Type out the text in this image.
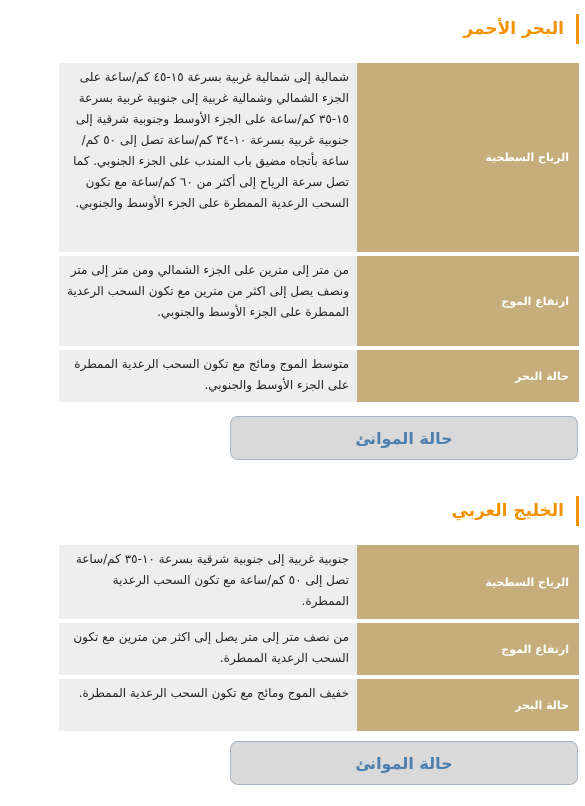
البحر الأحمر
الرياح السطحية
شمالية إلى شمالية غربية بسرعة ١٥-٤٥ كم/ساعة على الجزء الشمالي وشمالية غربية إلى جنوبية غربية بسرعة ١٥-٣٥ كم/ساعة على الجزء الأوسط وجنوبية شرقية إلى جنوبية غربية بسرعة ١٠-٣٤ كم/ساعة تصل إلى ٥٠ كم/ساعة بأتجاه مضيق باب المندب على الجزء الجنوبي. كما تصل سرعة الرياح إلى أكثر من ٦٠ كم/ساعة مع تكون السحب الرعدية الممطرة على الجزء الأوسط والجنوبي.
ارتفاع الموج
من متر إلى مترين على الجزء الشمالي ومن متر إلى متر ونصف يصل إلى اكثر من مترين مع تكون السحب الرعدية الممطرة على الجزء الأوسط والجنوبي.
حالة البحر
متوسط الموج ومائج مع تكون السحب الرعدية الممطرة على الجزء الأوسط والجنوبي.
حالة الموانئ
الخليج العربي
الرياح السطحية
جنوبية غربية إلى جنوبية شرقية بسرعة ١٠-٣٥ كم/ساعة تصل إلى ٥٠ كم/ساعة مع تكون السحب الرعدية الممطرة.
ارتفاع الموج
من نصف متر إلى متر يصل إلى اكثر من مترين مع تكون السحب الرعدية الممطرة.
حالة البحر
خفيف الموج ومائج مع تكون السحب الرعدية الممطرة.
حالة الموانئ
